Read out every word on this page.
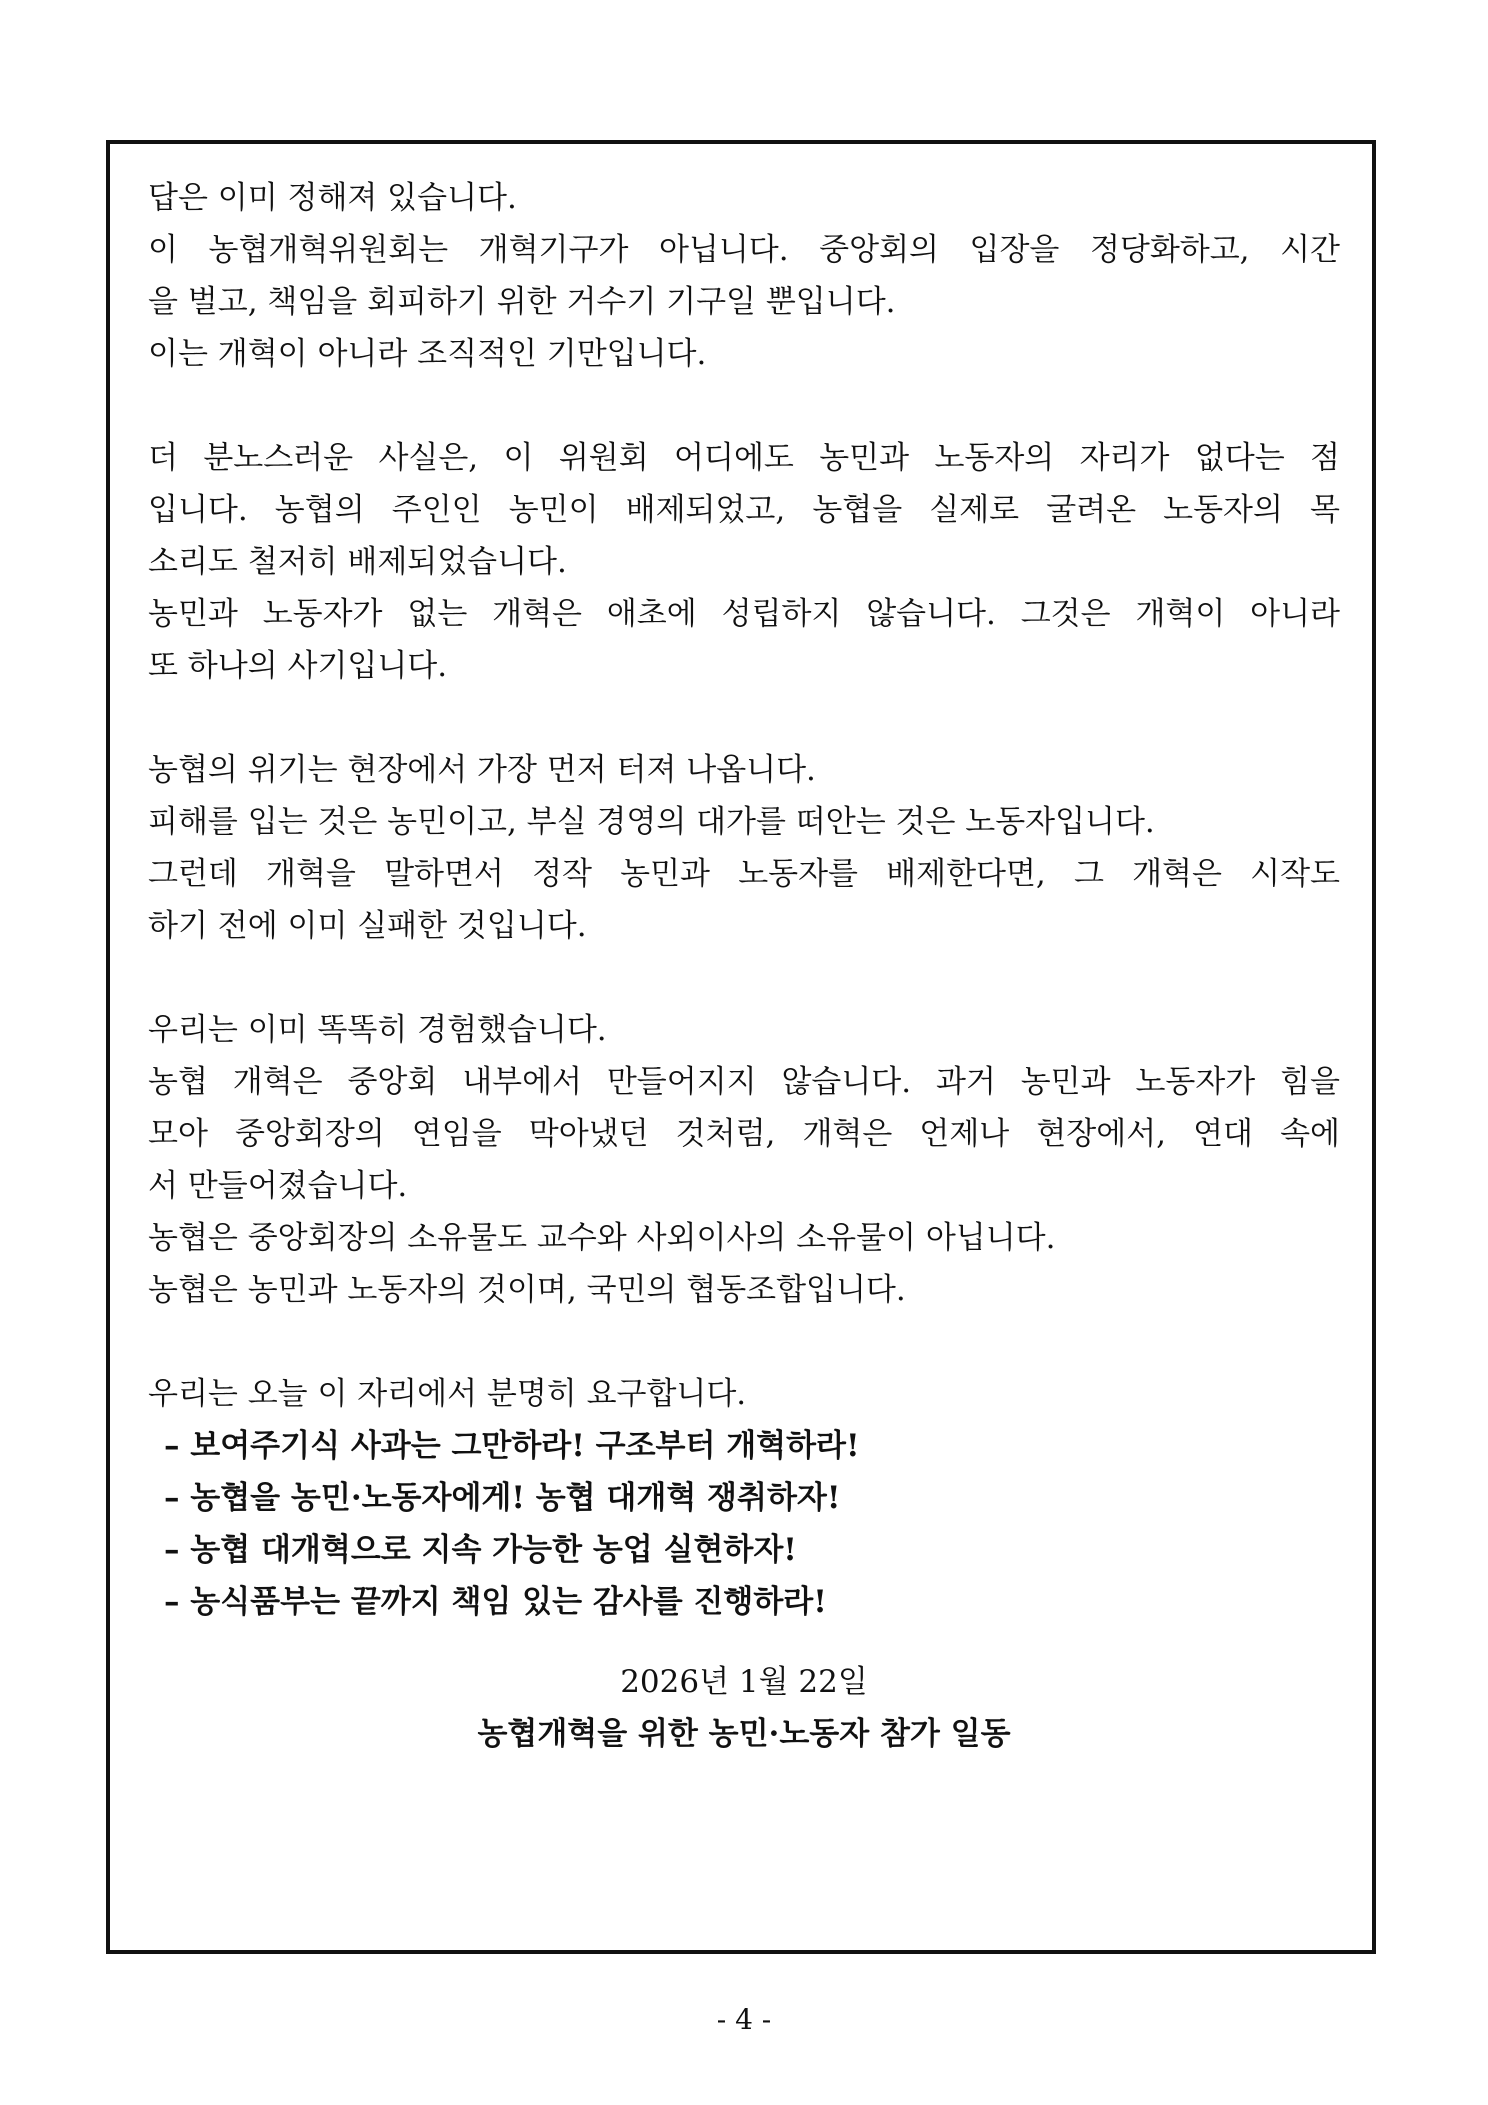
답은 이미 정해져 있습니다.
이 농협개혁위원회는 개혁기구가 아닙니다. 중앙회의 입장을 정당화하고, 시간
을 벌고, 책임을 회피하기 위한 거수기 기구일 뿐입니다.
이는 개혁이 아니라 조직적인 기만입니다.
더 분노스러운 사실은, 이 위원회 어디에도 농민과 노동자의 자리가 없다는 점
입니다. 농협의 주인인 농민이 배제되었고, 농협을 실제로 굴려온 노동자의 목
소리도 철저히 배제되었습니다.
농민과 노동자가 없는 개혁은 애초에 성립하지 않습니다. 그것은 개혁이 아니라
또 하나의 사기입니다.
농협의 위기는 현장에서 가장 먼저 터져 나옵니다.
피해를 입는 것은 농민이고, 부실 경영의 대가를 떠안는 것은 노동자입니다.
그런데 개혁을 말하면서 정작 농민과 노동자를 배제한다면, 그 개혁은 시작도
하기 전에 이미 실패한 것입니다.
우리는 이미 똑똑히 경험했습니다.
농협 개혁은 중앙회 내부에서 만들어지지 않습니다. 과거 농민과 노동자가 힘을
모아 중앙회장의 연임을 막아냈던 것처럼, 개혁은 언제나 현장에서, 연대 속에
서 만들어졌습니다.
농협은 중앙회장의 소유물도 교수와 사외이사의 소유물이 아닙니다.
농협은 농민과 노동자의 것이며, 국민의 협동조합입니다.
우리는 오늘 이 자리에서 분명히 요구합니다.
– 보여주기식 사과는 그만하라! 구조부터 개혁하라!
– 농협을 농민·노동자에게! 농협 대개혁 쟁취하자!
– 농협 대개혁으로 지속 가능한 농업 실현하자!
– 농식품부는 끝까지 책임 있는 감사를 진행하라!
2026년 1월 22일
농협개혁을 위한 농민·노동자 참가 일동
- 4 -
